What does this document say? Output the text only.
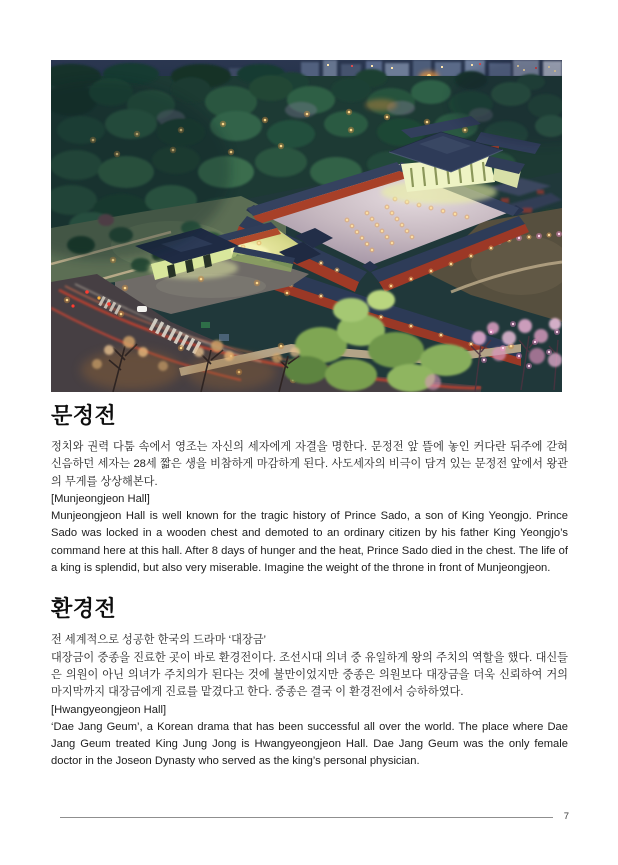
문정전

정치와 권력 다툼 속에서 영조는 자신의 세자에게 자결을 명한다. 문정전 앞 뜰에 놓인 커다란 뒤주에 갇혀 신음하던 세자는 28세 짧은 생을 비참하게 마감하게 된다. 사도세자의 비극이 담겨 있는 문정전 앞에서 왕관의 무게를 상상해본다.

[Munjeongjeon Hall]

Munjeongjeon Hall is well known for the tragic history of Prince Sado, a son of King Yeongjo. Prince Sado was locked in a wooden chest and demoted to an ordinary citizen by his father King Yeongjo’s command here at this hall. After 8 days of hunger and the heat, Prince Sado died in the chest. The life of a king is splendid, but also very miserable. Imagine the weight of the throne in front of Munjeongjeon.

환경전

전 세계적으로 성공한 한국의 드라마 ‘대장금’

대장금이 중종을 진료한 곳이 바로 환경전이다. 조선시대 의녀 중 유일하게 왕의 주치의 역할을 했다. 대신들은 의원이 아닌 의녀가 주치의가 된다는 것에 불만이었지만 중종은 의원보다 대장금을 더욱 신뢰하여 거의 마지막까지 대장금에게 진료를 맡겼다고 한다. 중종은 결국 이 환경전에서 승하하였다.

[Hwangyeongjeon Hall]

‘Dae Jang Geum’, a Korean drama that has been successful all over the world. The place where Dae Jang Geum treated King Jung Jong is Hwangyeongjeon Hall. Dae Jang Geum was the only female doctor in the Joseon Dynasty who served as the king’s personal physician.

7
